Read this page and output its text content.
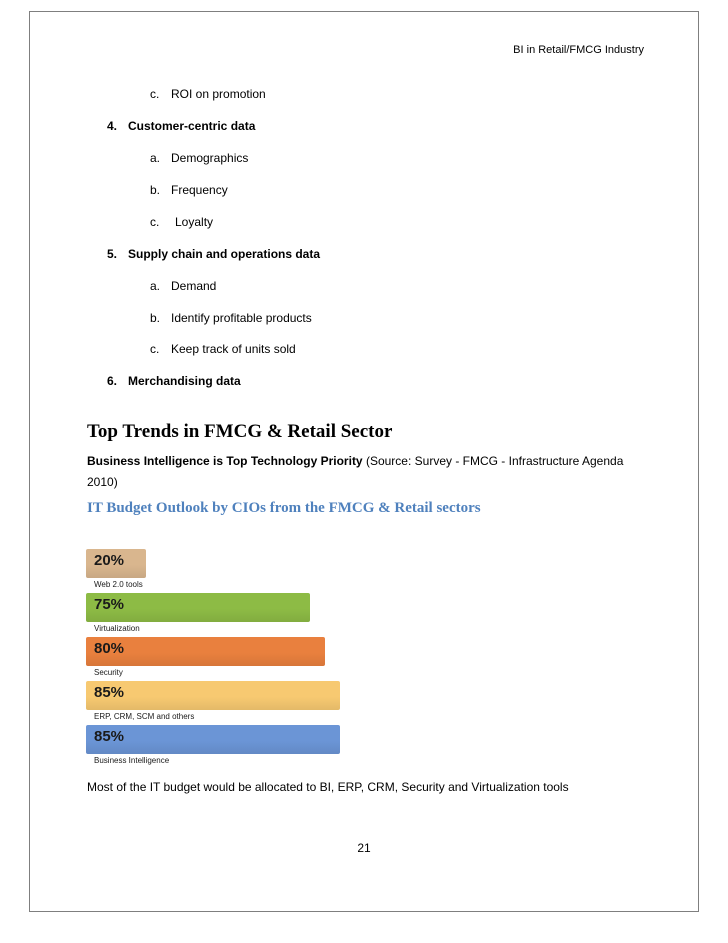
BI in Retail/FMCG Industry
c. ROI on promotion
4. Customer-centric data
a. Demographics
b. Frequency
c. Loyalty
5. Supply chain and operations data
a. Demand
b. Identify profitable products
c. Keep track of units sold
6. Merchandising data
Top Trends in FMCG & Retail Sector
Business Intelligence is Top Technology Priority (Source: Survey - FMCG - Infrastructure Agenda 2010)
IT Budget Outlook by CIOs from the FMCG & Retail sectors
20%
Web 2.0 tools
75%
Virtualization
80%
Security
85%
ERP, CRM, SCM and others
85%
Business Intelligence
Most of the IT budget would be allocated to BI, ERP, CRM, Security and Virtualization tools
21
